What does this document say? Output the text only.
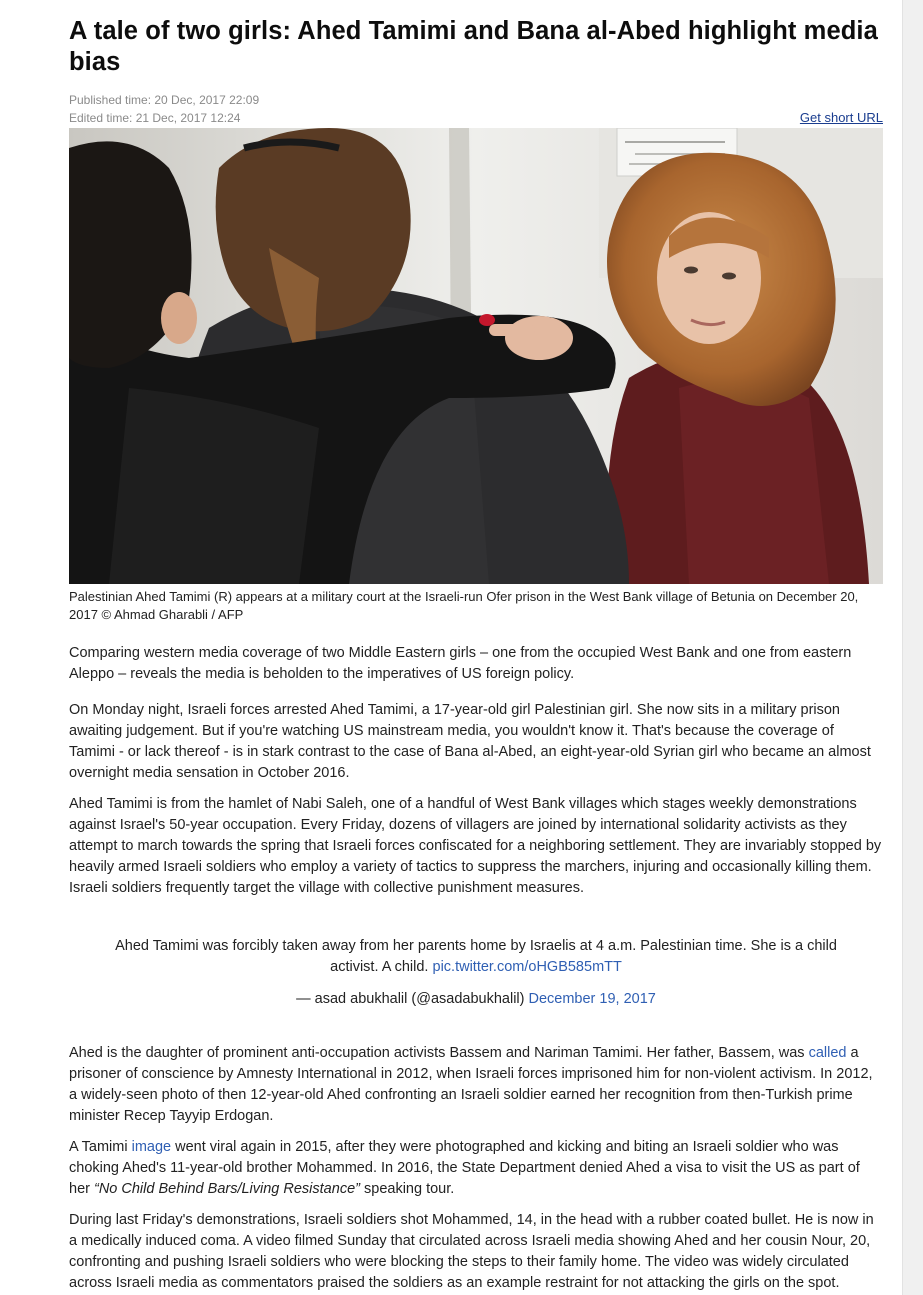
A tale of two girls: Ahed Tamimi and Bana al-Abed highlight media bias
Published time: 20 Dec, 2017 22:09
Edited time: 21 Dec, 2017 12:24	Get short URL
Palestinian Ahed Tamimi (R) appears at a military court at the Israeli-run Ofer prison in the West Bank village of Betunia on December 20, 2017 © Ahmad Gharabli / AFP

Comparing western media coverage of two Middle Eastern girls – one from the occupied West Bank and one from eastern Aleppo – reveals the media is beholden to the imperatives of US foreign policy.

On Monday night, Israeli forces arrested Ahed Tamimi, a 17-year-old girl Palestinian girl. She now sits in a military prison awaiting judgement. But if you're watching US mainstream media, you wouldn't know it. That's because the coverage of Tamimi - or lack thereof - is in stark contrast to the case of Bana al-Abed, an eight-year-old Syrian girl who became an almost overnight media sensation in October 2016.

Ahed Tamimi is from the hamlet of Nabi Saleh, one of a handful of West Bank villages which stages weekly demonstrations against Israel's 50-year occupation. Every Friday, dozens of villagers are joined by international solidarity activists as they attempt to march towards the spring that Israeli forces confiscated for a neighboring settlement. They are invariably stopped by heavily armed Israeli soldiers who employ a variety of tactics to suppress the marchers, injuring and occasionally killing them. Israeli soldiers frequently target the village with collective punishment measures.

Ahed Tamimi was forcibly taken away from her parents home by Israelis at 4 a.m. Palestinian time. She is a child activist. A child. pic.twitter.com/oHGB585mTT
— asad abukhalil (@asadabukhalil) December 19, 2017

Ahed is the daughter of prominent anti-occupation activists Bassem and Nariman Tamimi. Her father, Bassem, was called a prisoner of conscience by Amnesty International in 2012, when Israeli forces imprisoned him for non-violent activism. In 2012, a widely-seen photo of then 12-year-old Ahed confronting an Israeli soldier earned her recognition from then-Turkish prime minister Recep Tayyip Erdogan.

A Tamimi image went viral again in 2015, after they were photographed and kicking and biting an Israeli soldier who was choking Ahed's 11-year-old brother Mohammed. In 2016, the State Department denied Ahed a visa to visit the US as part of her “No Child Behind Bars/Living Resistance” speaking tour.

During last Friday's demonstrations, Israeli soldiers shot Mohammed, 14, in the head with a rubber coated bullet. He is now in a medically induced coma. A video filmed Sunday that circulated across Israeli media showing Ahed and her cousin Nour, 20, confronting and pushing Israeli soldiers who were blocking the steps to their family home. The video was widely circulated across Israeli media as commentators praised the soldiers as an example restraint for not attacking the girls on the spot.
